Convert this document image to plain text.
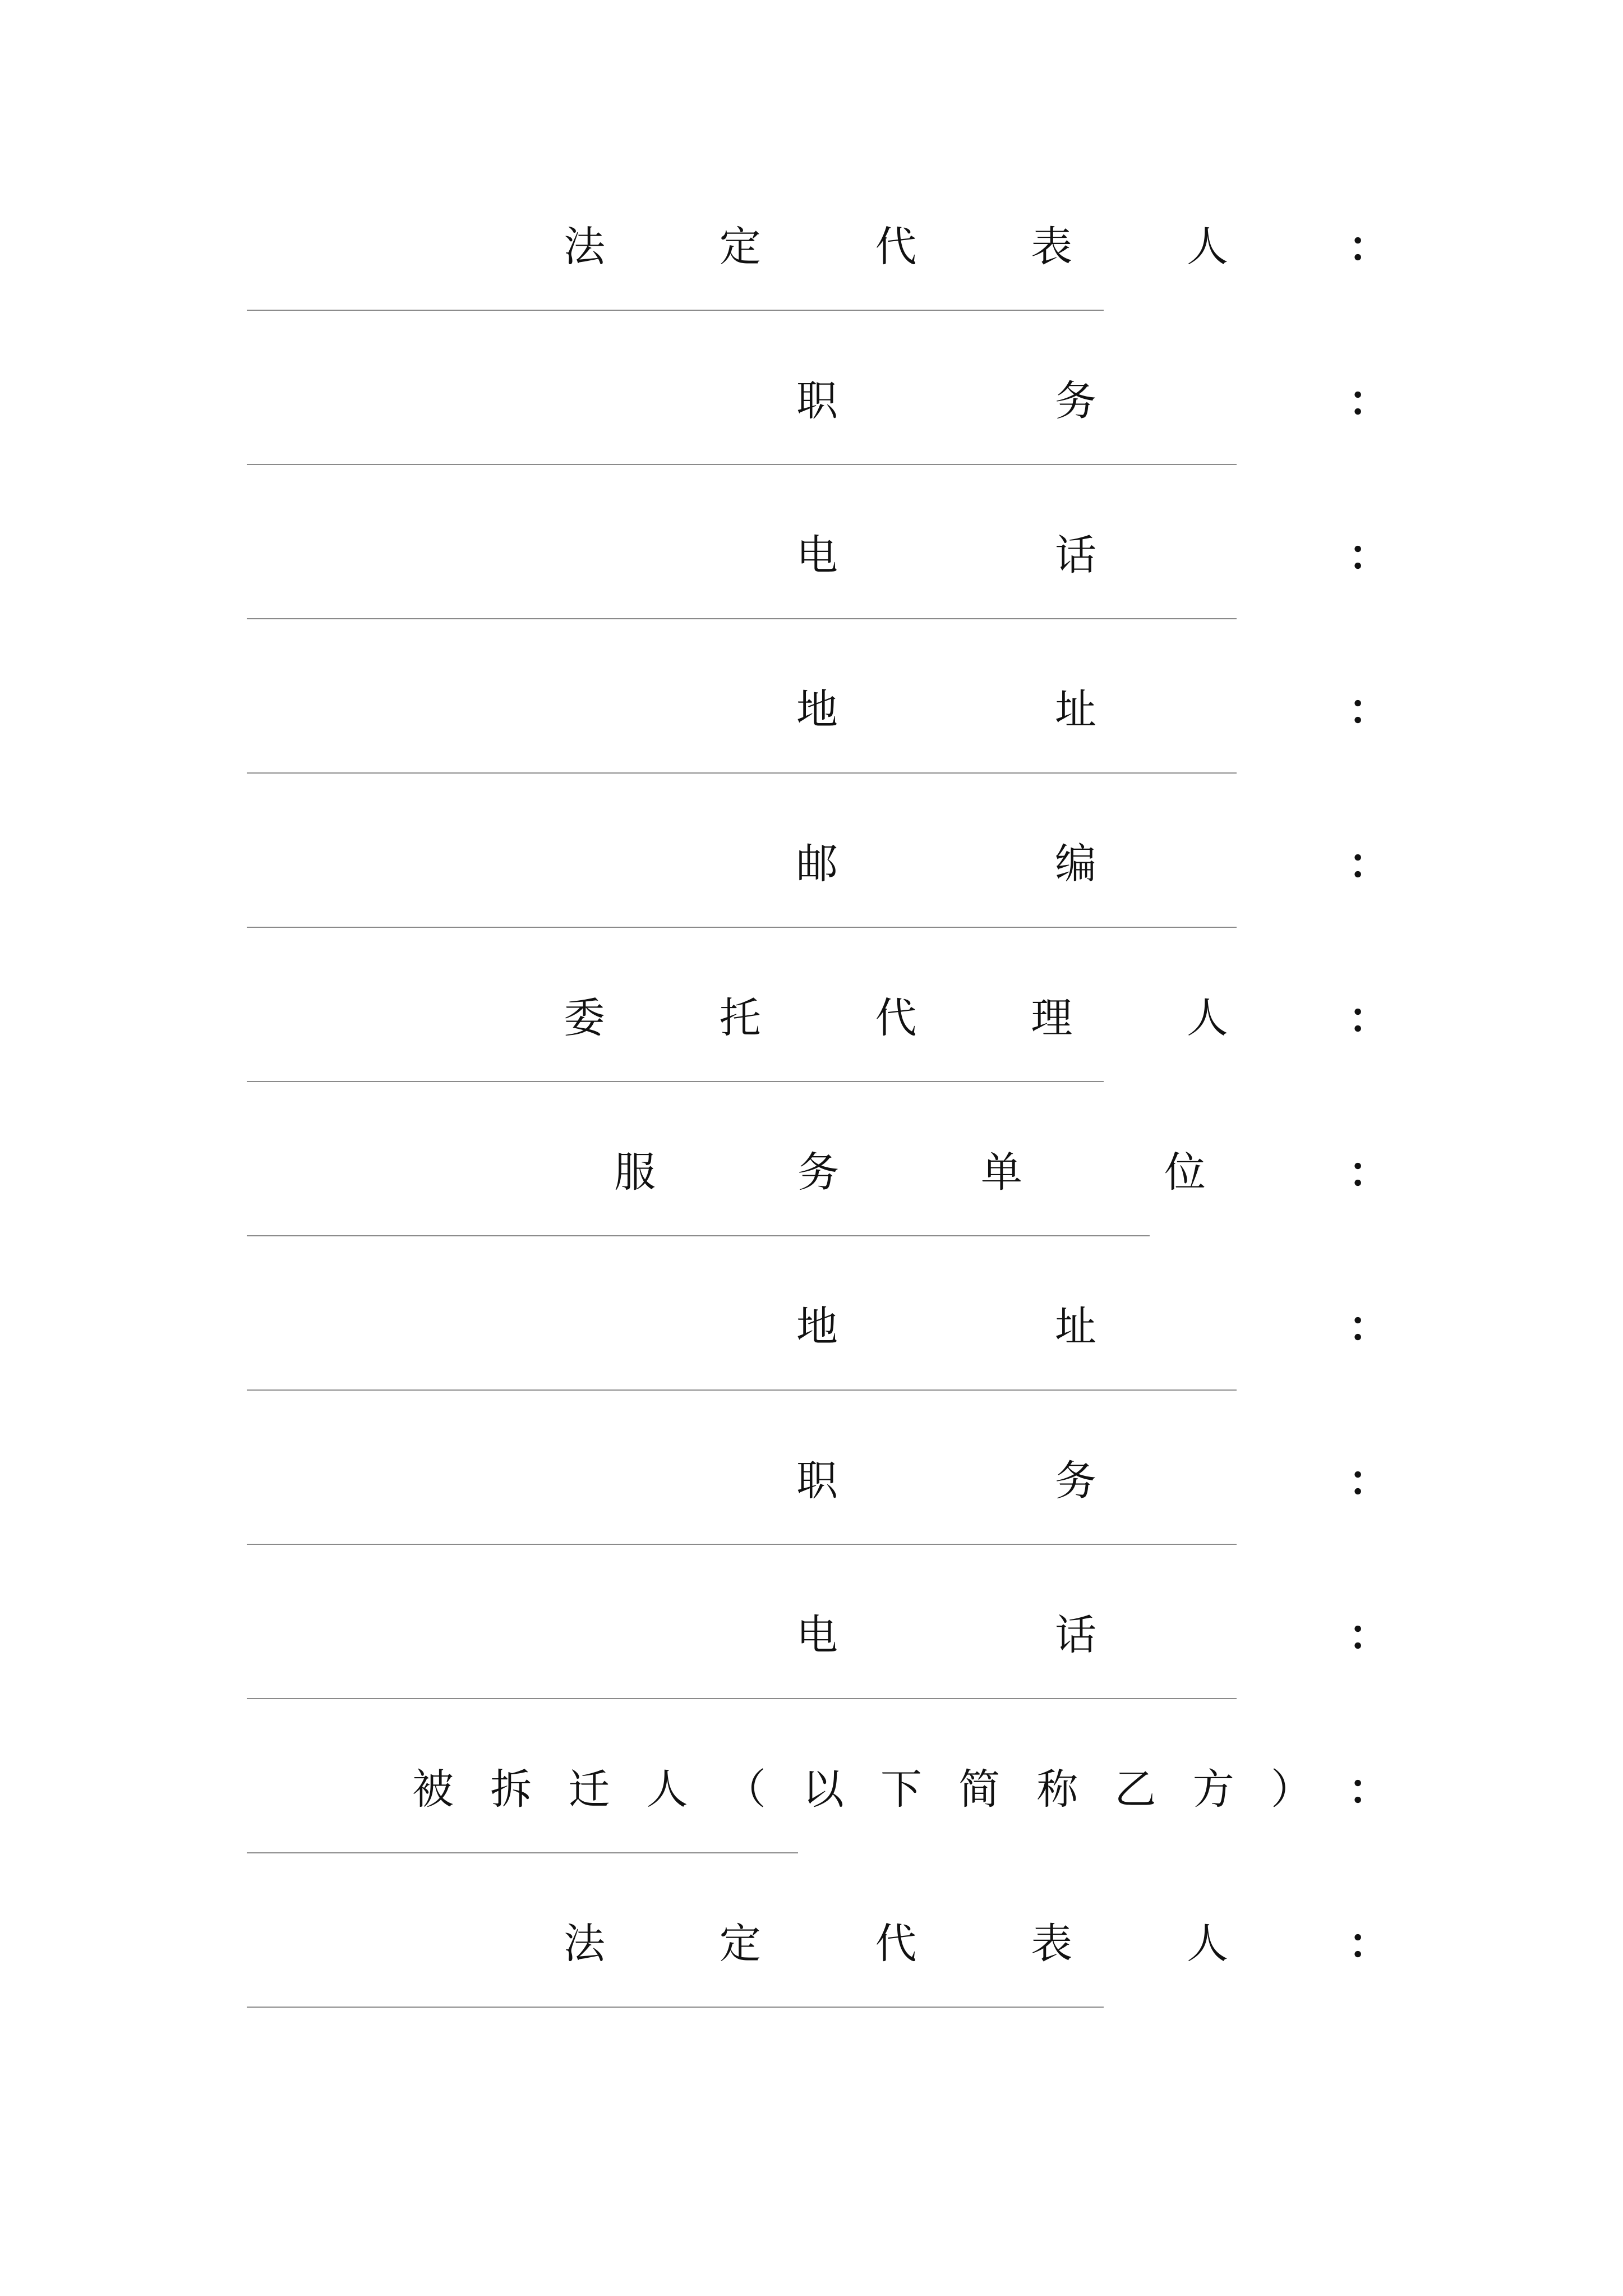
法	定	代	表	人	：
职	务	：
电	话	：
地	址	：
邮	编	：
委	托	代	理	人	：
服	务	单	位	：
地	址	：
职	务	：
电	话	：
被 拆 迁 人 （ 以 下 简 称 乙 方 ） ：
法	定	代	表	人	：
